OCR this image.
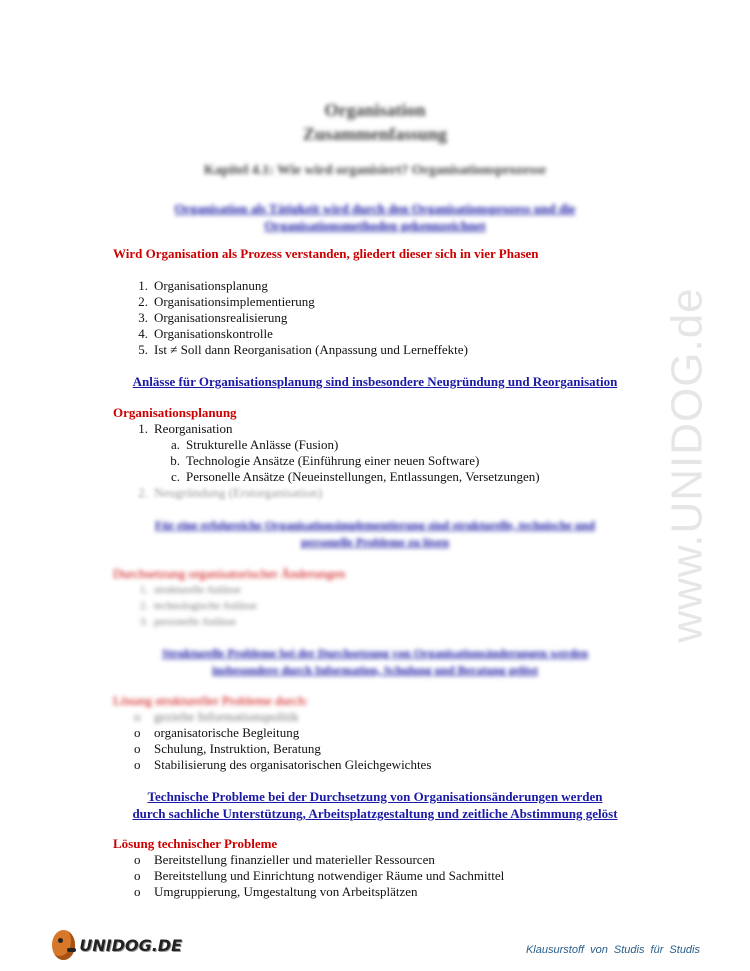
www.UNIDOG.de
Organisation
Zusammenfassung
Kapitel 4.1: Wie wird organisiert? Organisationsprozesse
Organisation als Tätigkeit wird durch den Organisationsprozess und die
Organisationsmethoden gekennzeichnet
Wird Organisation als Prozess verstanden, gliedert dieser sich in vier Phasen
1. Organisationsplanung
2. Organisationsimplementierung
3. Organisationsrealisierung
4. Organisationskontrolle
5. Ist ≠ Soll dann Reorganisation (Anpassung und Lerneffekte)
Anlässe für Organisationsplanung sind insbesondere Neugründung und Reorganisation
Organisationsplanung
1. Reorganisation
a. Strukturelle Anlässe (Fusion)
b. Technologie Ansätze (Einführung einer neuen Software)
c. Personelle Ansätze (Neueinstellungen, Entlassungen, Versetzungen)
2. Neugründung (Erstorganisation)
Für eine erfolgreiche Organisationsimplementierung sind strukturelle, technische und
personelle Probleme zu lösen
Durchsetzung organisatorischer Änderungen
1. strukturelle Anlässe
2. technologische Anlässe
3. personelle Anlässe
Strukturelle Probleme bei der Durchsetzung von Organisationsänderungen werden
insbesondere durch Information, Schulung und Beratung gelöst
Lösung struktureller Probleme durch:
o gezielte Informationspolitik
o organisatorische Begleitung
o Schulung, Instruktion, Beratung
o Stabilisierung des organisatorischen Gleichgewichtes
Technische Probleme bei der Durchsetzung von Organisationsänderungen werden
durch sachliche Unterstützung, Arbeitsplatzgestaltung und zeitliche Abstimmung gelöst
Lösung technischer Probleme
o Bereitstellung finanzieller und materieller Ressourcen
o Bereitstellung und Einrichtung notwendiger Räume und Sachmittel
o Umgruppierung, Umgestaltung von Arbeitsplätzen
UNIDOG.DE	Klausurstoff von Studis für Studis
